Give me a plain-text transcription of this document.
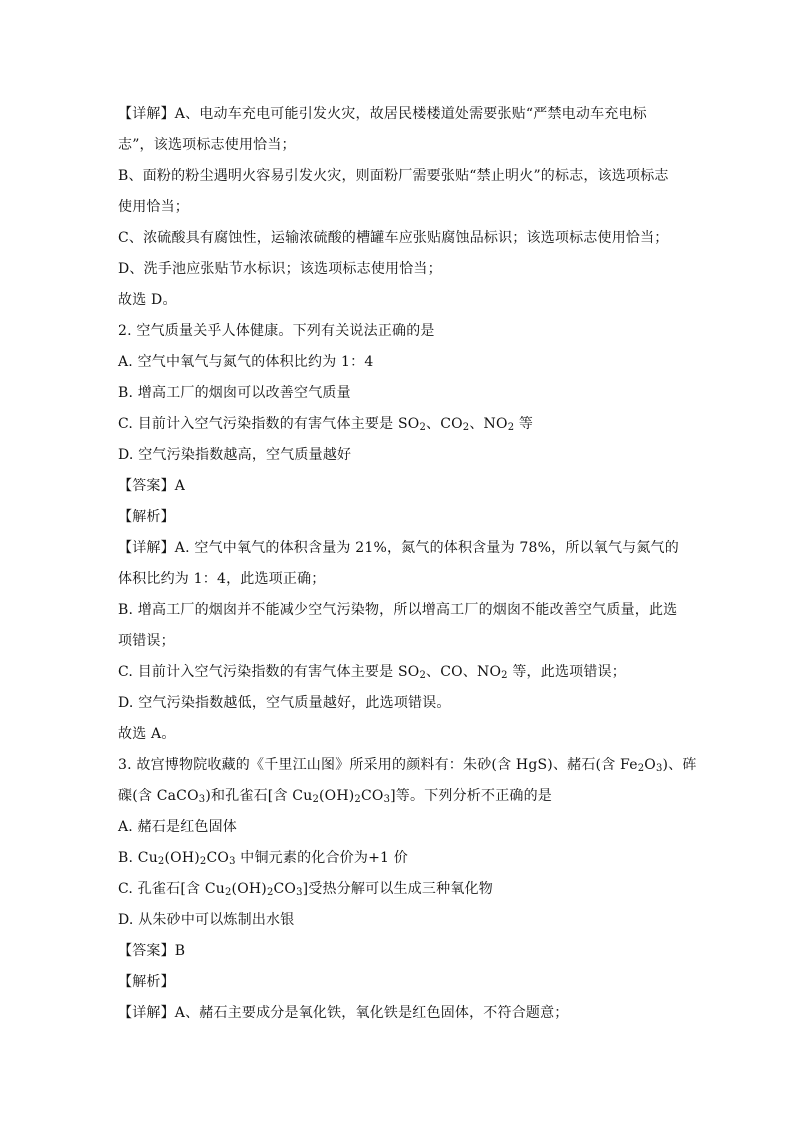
【详解】A、电动车充电可能引发火灾，故居民楼楼道处需要张贴“严禁电动车充电标
志”，该选项标志使用恰当；
B、面粉的粉尘遇明火容易引发火灾，则面粉厂需要张贴“禁止明火”的标志，该选项标志
使用恰当；
C、浓硫酸具有腐蚀性，运输浓硫酸的槽罐车应张贴腐蚀品标识；该选项标志使用恰当；
D、洗手池应张贴节水标识；该选项标志使用恰当；
故选 D。
2. 空气质量关乎人体健康。下列有关说法正确的是
A. 空气中氧气与氮气的体积比约为 1：4
B. 增高工厂的烟囱可以改善空气质量
C. 目前计入空气污染指数的有害气体主要是 $SO_2$、$CO_2$、$NO_2$ 等
D. 空气污染指数越高，空气质量越好
【答案】A
【解析】
【详解】A. 空气中氧气的体积含量为 21%，氮气的体积含量为 78%，所以氧气与氮气的
体积比约为 1：4，此选项正确；
B. 增高工厂的烟囱并不能减少空气污染物，所以增高工厂的烟囱不能改善空气质量，此选
项错误；
C. 目前计入空气污染指数的有害气体主要是 $SO_2$、CO、$NO_2$ 等，此选项错误；
D. 空气污染指数越低，空气质量越好，此选项错误。
故选 A。
3. 故宫博物院收藏的《千里江山图》所采用的颜料有：朱砂(含 HgS)、赭石(含 $Fe_2O_3$)、砗
磲(含 CaCO$_3$)和孔雀石[含 $Cu_2(OH)_2CO_3$]等。下列分析不正确的是
A. 赭石是红色固体
B. $Cu_2(OH)_2CO_3$ 中铜元素的化合价为+1 价
C. 孔雀石[含 $Cu_2(OH)_2CO_3$]受热分解可以生成三种氧化物
D. 从朱砂中可以炼制出水银
【答案】B
【解析】
【详解】A、赭石主要成分是氧化铁，氧化铁是红色固体，不符合题意；
